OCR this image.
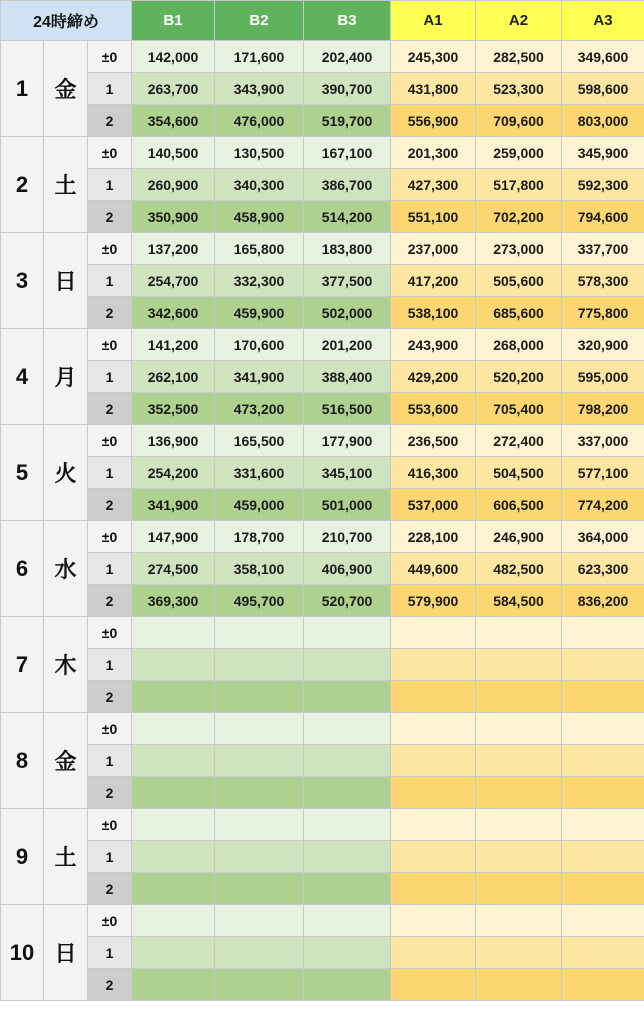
24時締め			B1	B2	B3	A1	A2	A3
1	金	±0	142,000	171,600	202,400	245,300	282,500	349,600
		1	263,700	343,900	390,700	431,800	523,300	598,600
		2	354,600	476,000	519,700	556,900	709,600	803,000
2	土	±0	140,500	130,500	167,100	201,300	259,000	345,900
		1	260,900	340,300	386,700	427,300	517,800	592,300
		2	350,900	458,900	514,200	551,100	702,200	794,600
3	日	±0	137,200	165,800	183,800	237,000	273,000	337,700
		1	254,700	332,300	377,500	417,200	505,600	578,300
		2	342,600	459,900	502,000	538,100	685,600	775,800
4	月	±0	141,200	170,600	201,200	243,900	268,000	320,900
		1	262,100	341,900	388,400	429,200	520,200	595,000
		2	352,500	473,200	516,500	553,600	705,400	798,200
5	火	±0	136,900	165,500	177,900	236,500	272,400	337,000
		1	254,200	331,600	345,100	416,300	504,500	577,100
		2	341,900	459,000	501,000	537,000	606,500	774,200
6	水	±0	147,900	178,700	210,700	228,100	246,900	364,000
		1	274,500	358,100	406,900	449,600	482,500	623,300
		2	369,300	495,700	520,700	579,900	584,500	836,200
7	木	±0						
		1						
		2						
8	金	±0						
		1						
		2						
9	土	±0						
		1						
		2						
10	日	±0						
		1						
		2						
